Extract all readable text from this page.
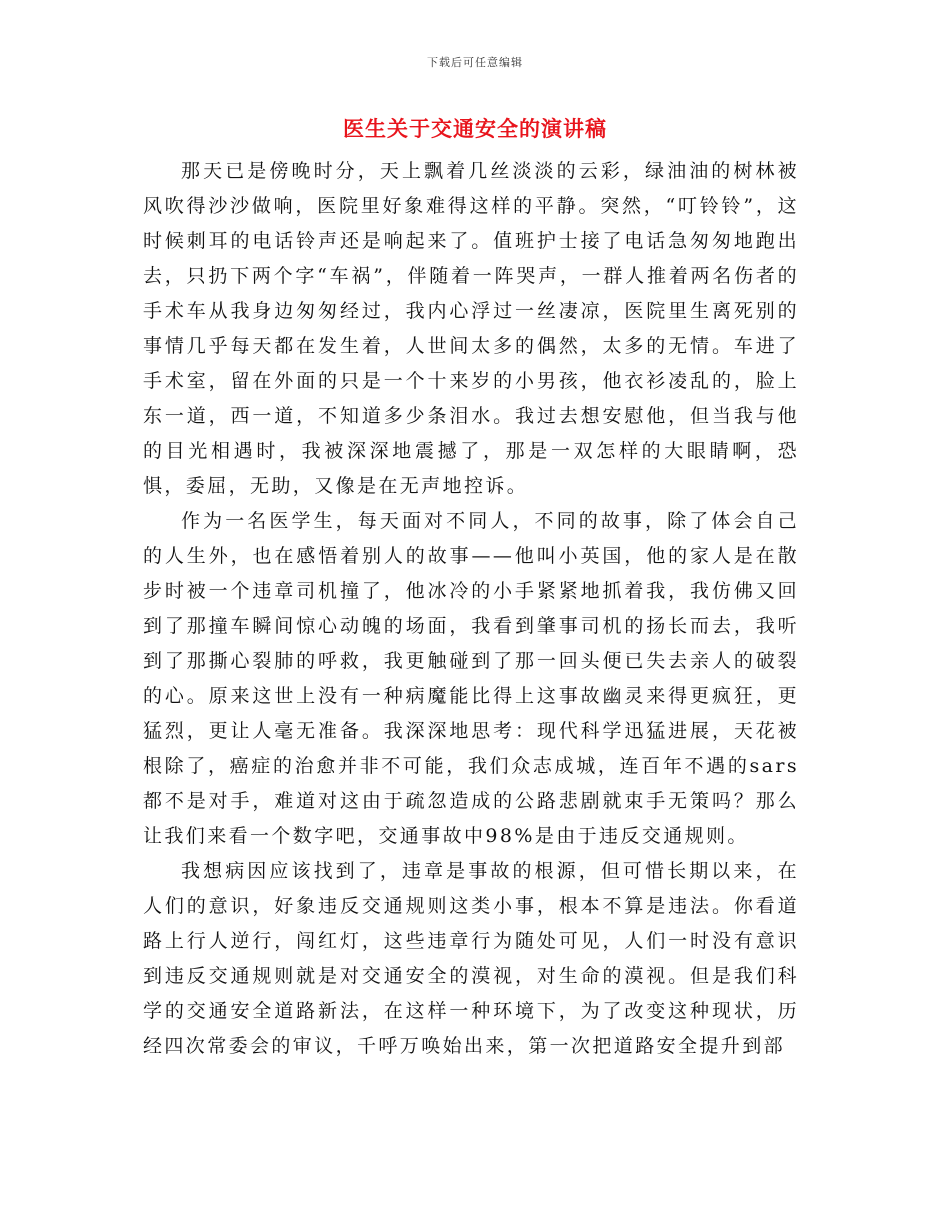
下载后可任意编辑
医生关于交通安全的演讲稿

那天已是傍晚时分，天上飘着几丝淡淡的云彩，绿油油的树林被风吹得沙沙做响，医院里好象难得这样的平静。突然，“叮铃铃”，这时候刺耳的电话铃声还是响起来了。值班护士接了电话急匆匆地跑出去，只扔下两个字“车祸”，伴随着一阵哭声，一群人推着两名伤者的手术车从我身边匆匆经过，我内心浮过一丝凄凉，医院里生离死别的事情几乎每天都在发生着，人世间太多的偶然，太多的无情。车进了手术室，留在外面的只是一个十来岁的小男孩，他衣衫凌乱的，脸上东一道，西一道，不知道多少条泪水。我过去想安慰他，但当我与他的目光相遇时，我被深深地震撼了，那是一双怎样的大眼睛啊，恐惧，委屈，无助，又像是在无声地控诉。

作为一名医学生，每天面对不同人，不同的故事，除了体会自己的人生外，也在感悟着别人的故事——他叫小英国，他的家人是在散步时被一个违章司机撞了，他冰冷的小手紧紧地抓着我，我仿佛又回到了那撞车瞬间惊心动魄的场面，我看到肇事司机的扬长而去，我听到了那撕心裂肺的呼救，我更触碰到了那一回头便已失去亲人的破裂的心。原来这世上没有一种病魔能比得上这事故幽灵来得更疯狂，更猛烈，更让人毫无准备。我深深地思考：现代科学迅猛进展，天花被根除了，癌症的治愈并非不可能，我们众志成城，连百年不遇的sars都不是对手，难道对这由于疏忽造成的公路悲剧就束手无策吗？那么让我们来看一个数字吧，交通事故中98%是由于违反交通规则。

我想病因应该找到了，违章是事故的根源，但可惜长期以来，在人们的意识，好象违反交通规则这类小事，根本不算是违法。你看道路上行人逆行，闯红灯，这些违章行为随处可见，人们一时没有意识到违反交通规则就是对交通安全的漠视，对生命的漠视。但是我们科学的交通安全道路新法，在这样一种环境下，为了改变这种现状，历经四次常委会的审议，千呼万唤始出来，第一次把道路安全提升到部
